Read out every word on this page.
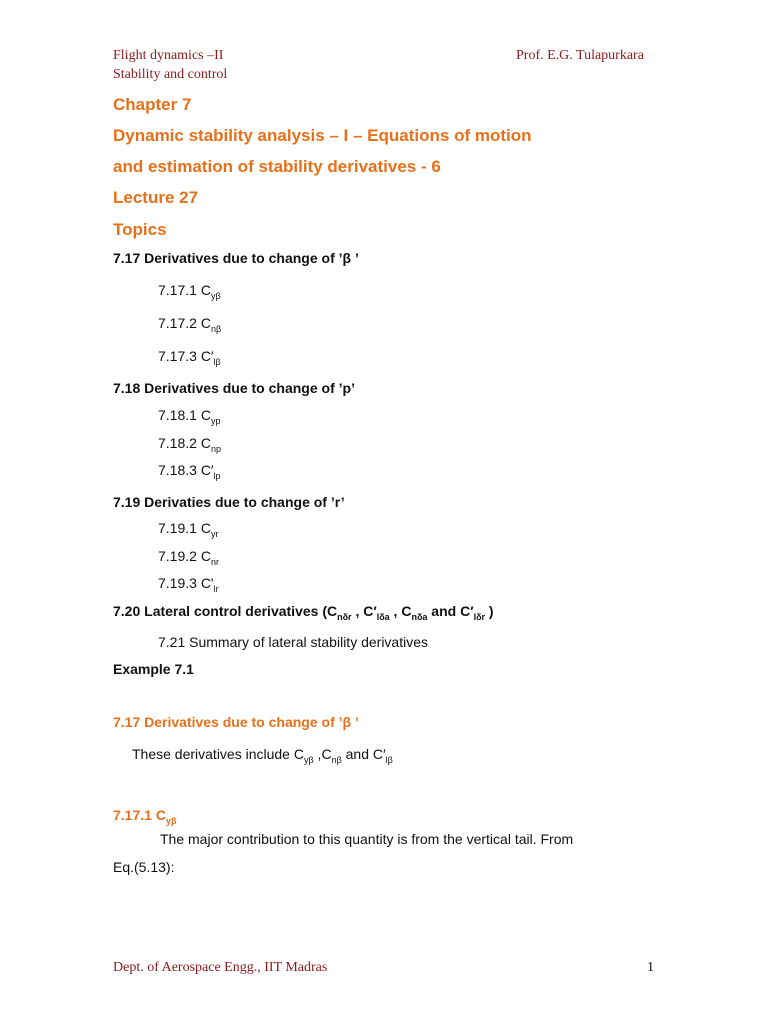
Flight dynamics –II
Stability and control
Prof. E.G. Tulapurkara
Chapter 7
Dynamic stability analysis – I – Equations of motion
and estimation of stability derivatives - 6
Lecture 27
Topics
7.17 Derivatives due to change of ’β ’
7.17.1 $C_{y\beta}$
7.17.2 $C_{n\beta}$
7.17.3 $C'_{l\beta}$
7.18 Derivatives due to change of ’p’
7.18.1 $C_{yp}$
7.18.2 $C_{np}$
7.18.3 $C'_{lp}$
7.19 Derivaties due to change of ’r’
7.19.1 $C_{yr}$
7.19.2 $C_{nr}$
7.19.3 $C'_{lr}$
7.20 Lateral control derivatives ($C_{n\delta r}$ , $C'_{l\delta a}$ , $C_{n\delta a}$ and $C'_{l\delta r}$ )
7.21 Summary of lateral stability derivatives
Example 7.1
7.17 Derivatives due to change of ’β ’
These derivatives include $C_{y\beta}$ $,C_{n\beta}$ and $C'_{l\beta}$
7.17.1 $C_{y\beta}$
The major contribution to this quantity is from the vertical tail. From
Eq.(5.13):
Dept. of Aerospace Engg., IIT Madras	1
